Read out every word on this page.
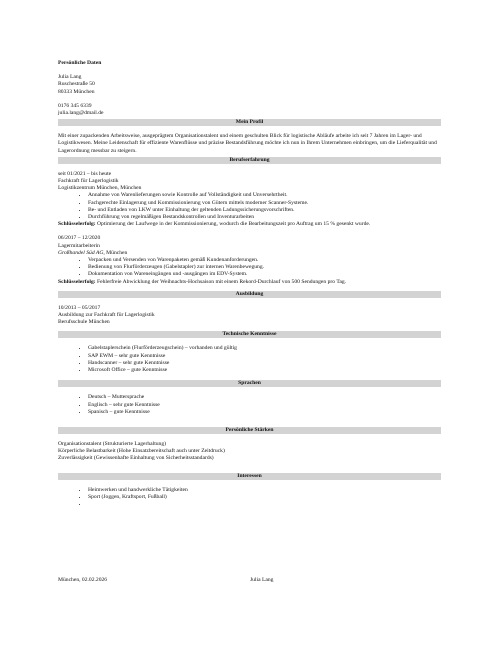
Persönliche Daten

Julia Lang

Ruschestraße 50

80333 München

0176 345 6339

julia.lang@dmail.de

Mein Profil

Mit einer zupackenden Arbeitsweise, ausgeprägtem Organisationstalent und einem geschulten Blick für logistische Abläufe arbeite ich seit 7 Jahren im Lager- und Logistikwesen. Meine Leidenschaft für effiziente Warenflüsse und präzise Bestandsführung möchte ich nun in Ihrem Unternehmen einbringen, um die Lieferqualität und Lagerordnung messbar zu steigern.

Berufserfahrung

seit 01/2021 – bis heute

Fachkraft für Lagerlogistik

Logistikzentrum München, München

• Annahme von Warenlieferungen sowie Kontrolle auf Vollständigkeit und Unversehrtheit.
• Fachgerechte Einlagerung und Kommissionierung von Gütern mittels moderner Scanner-Systeme.
• Be- und Entladen von LKW unter Einhaltung der geltenden Ladungssicherungsvorschriften.
• Durchführung von regelmäßigen Bestandskontrollen und Inventurarbeiten

Schlüsselerfolg: Optimierung der Laufwege in der Kommissionierung, wodurch die Bearbeitungszeit pro Auftrag um 15 % gesenkt wurde.

06/2017 – 12/2020

Lagermitarbeiterin

Großhandel Süd AG, München

• Verpacken und Versenden von Warenpaketen gemäß Kundenanforderungen.
• Bedienung von Flurförderzeugen (Gabelstapler) zur internen Warenbewegung.
• Dokumentation von Wareneingängen und -ausgängen im EDV-System.

Schlüsselerfolg: Fehlerfreie Abwicklung der Weihnachts-Hochsaison mit einem Rekord-Durchlauf von 500 Sendungen pro Tag.

Ausbildung

10/2013 – 05/2017

Ausbildung zur Fachkraft für Lagerlogistik

Berufsschule München

Technische Kenntnisse
• Gabelstaplerschein (Flurförderzeugschein) – vorhanden und gültig
• SAP EWM – sehr gute Kenntnisse
• Handscanner – sehr gute Kenntnisse
• Microsoft Office – gute Kenntnisse
Sprachen
• Deutsch – Muttersprache
• Englisch – sehr gute Kenntnisse
• Spanisch – gute Kenntnisse
Persönliche Stärken

Organisationstalent (Strukturierte Lagerhaltung)

Körperliche Belastbarkeit (Hohe Einsatzbereitschaft auch unter Zeitdruck)

Zuverlässigkeit (Gewissenhafte Einhaltung von Sicherheitsstandards)

Interessen
• Heimwerken und handwerkliche Tätigkeiten
• Sport (Joggen, Kraftsport, Fußball)
•
München, 02.02.2026	Julia Lang
